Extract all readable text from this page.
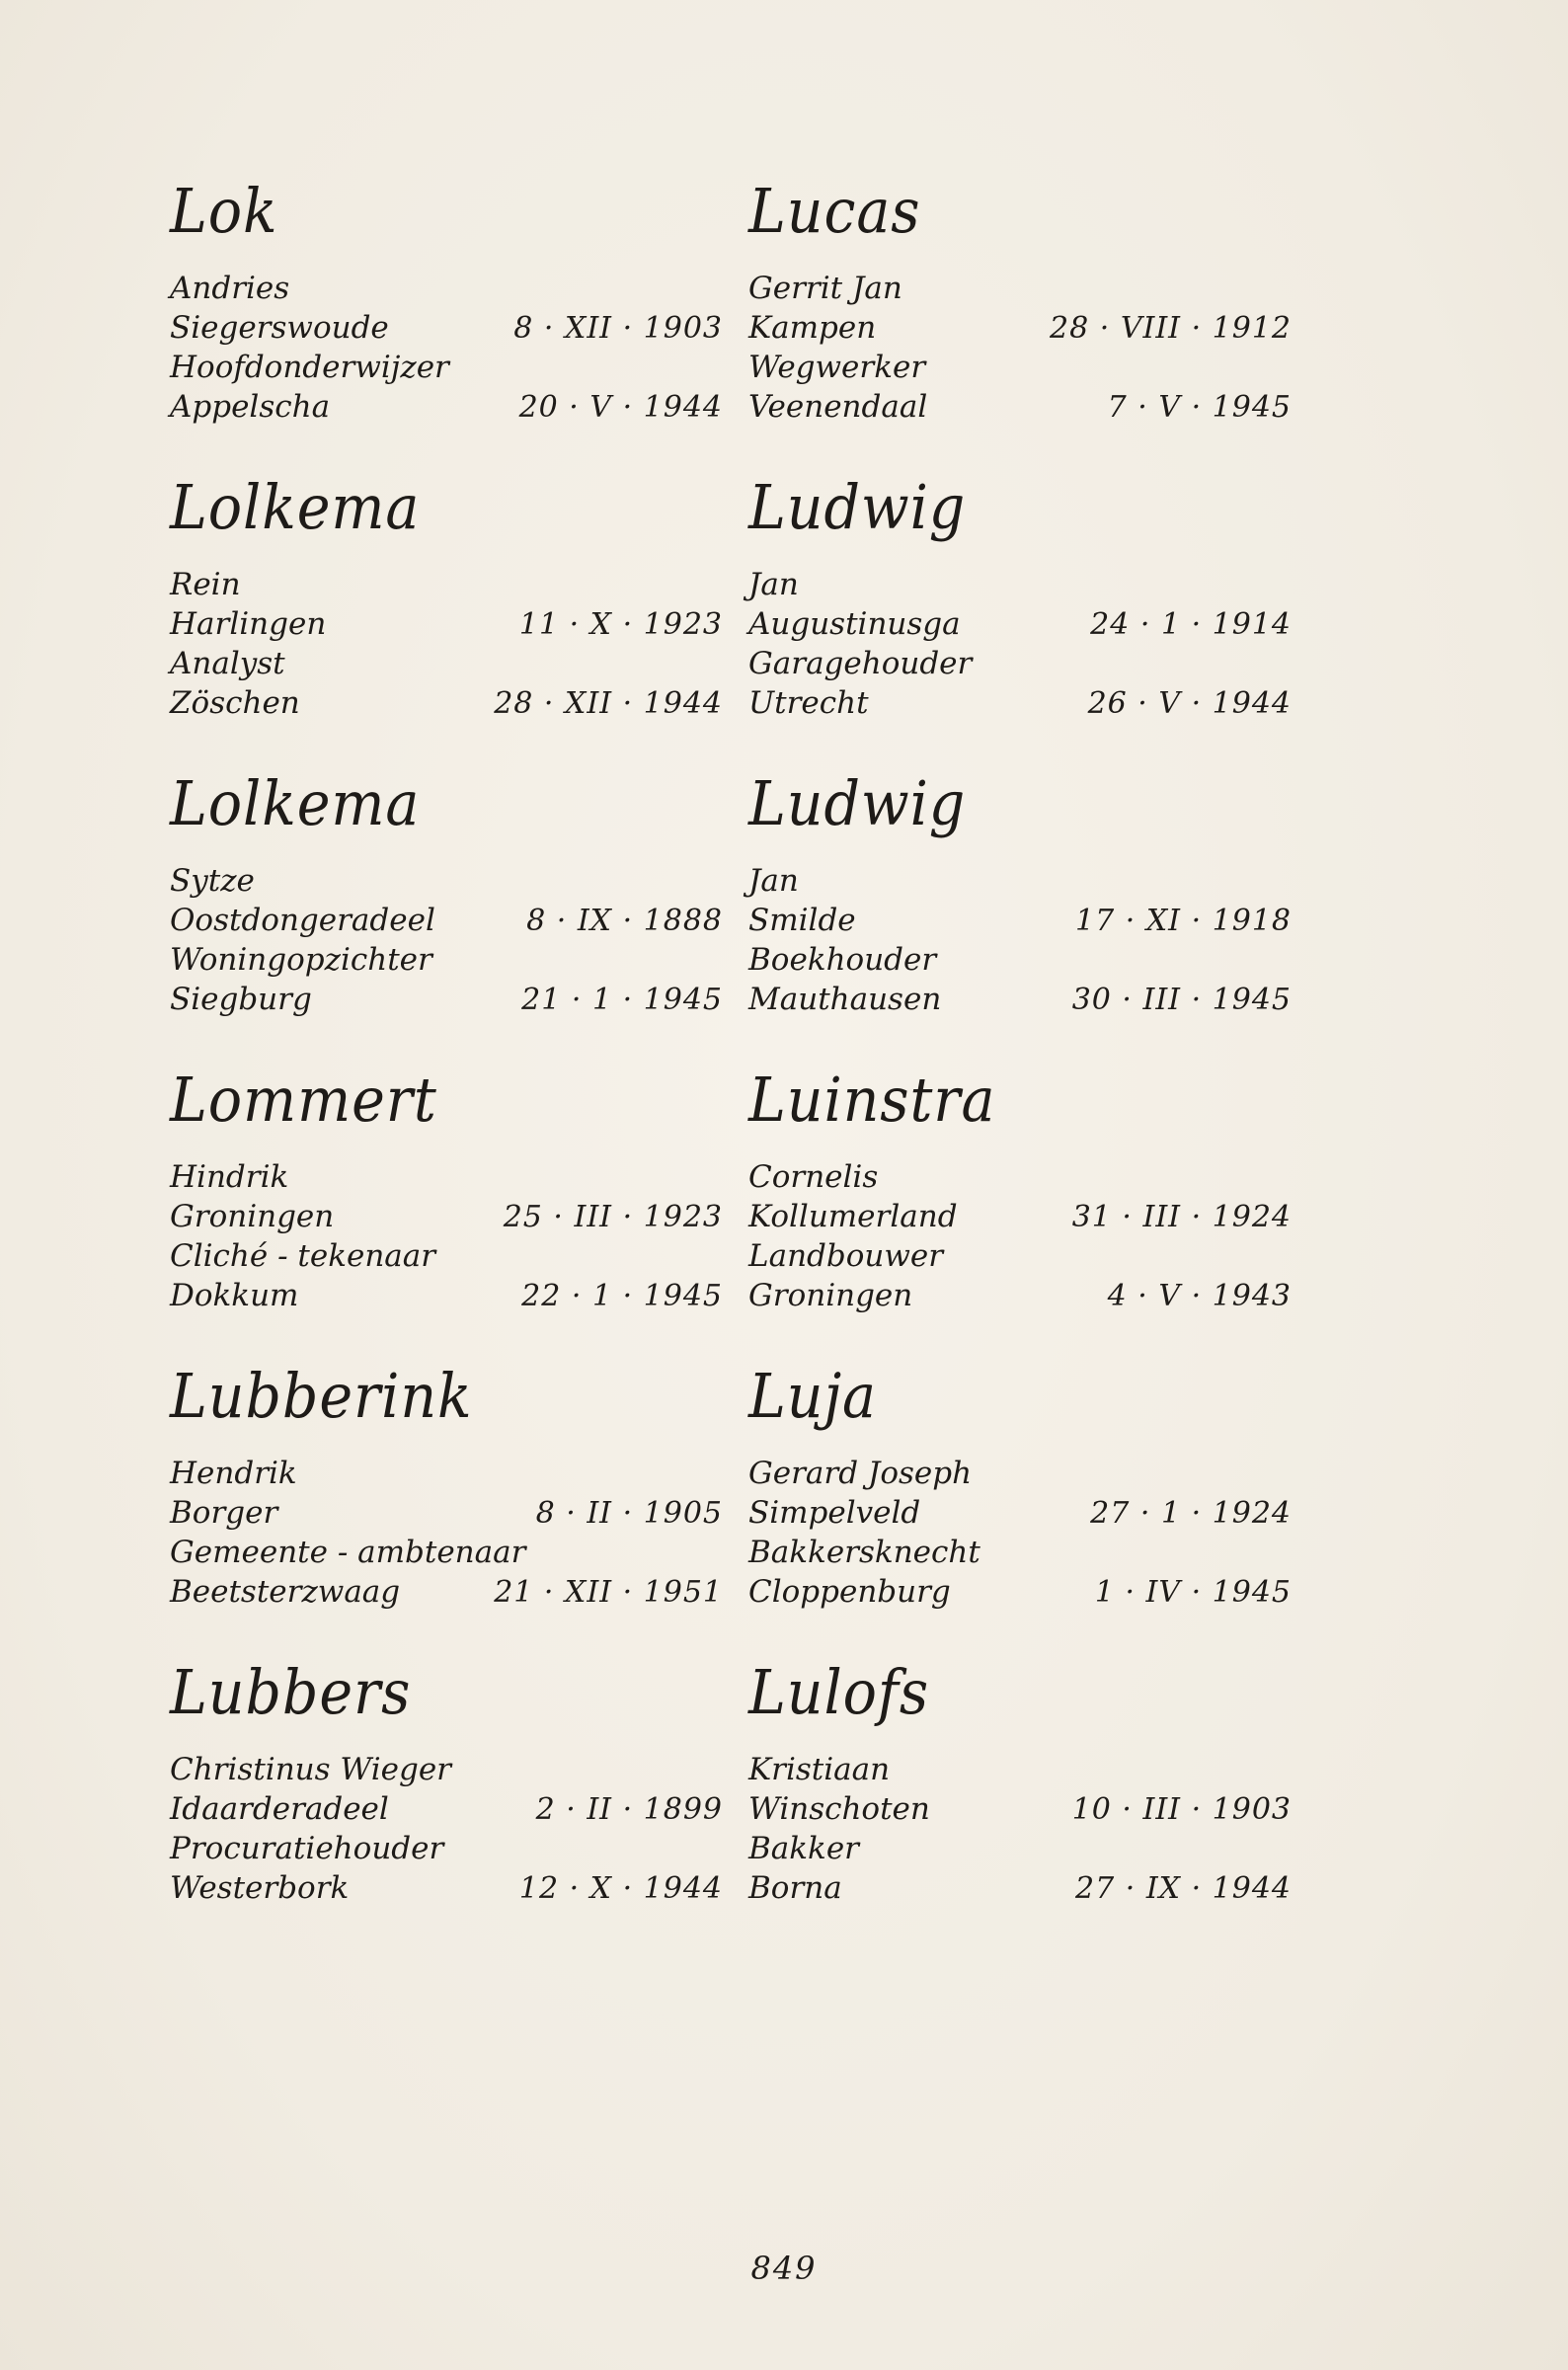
Lok
Andries
Siegerswoude	8 · XII · 1903
Hoofdonderwijzer
Appelscha	20 · V · 1944
Lolkema
Rein
Harlingen	11 · X · 1923
Analyst
Zöschen	28 · XII · 1944
Lolkema
Sytze
Oostdongeradeel	8 · IX · 1888
Woningopzichter
Siegburg	21 · 1 · 1945
Lommert
Hindrik
Groningen	25 · III · 1923
Cliché - tekenaar
Dokkum	22 · 1 · 1945
Lubberink
Hendrik
Borger	8 · II · 1905
Gemeente - ambtenaar
Beetsterzwaag	21 · XII · 1951
Lubbers
Christinus Wieger
Idaarderadeel	2 · II · 1899
Procuratiehouder
Westerbork	12 · X · 1944
Lucas
Gerrit Jan
Kampen	28 · VIII · 1912
Wegwerker
Veenendaal	7 · V · 1945
Ludwig
Jan
Augustinusga	24 · 1 · 1914
Garagehouder
Utrecht	26 · V · 1944
Ludwig
Jan
Smilde	17 · XI · 1918
Boekhouder
Mauthausen	30 · III · 1945
Luinstra
Cornelis
Kollumerland	31 · III · 1924
Landbouwer
Groningen	4 · V · 1943
Luja
Gerard Joseph
Simpelveld	27 · 1 · 1924
Bakkersknecht
Cloppenburg	1 · IV · 1945
Lulofs
Kristiaan
Winschoten	10 · III · 1903
Bakker
Borna	27 · IX · 1944
849
